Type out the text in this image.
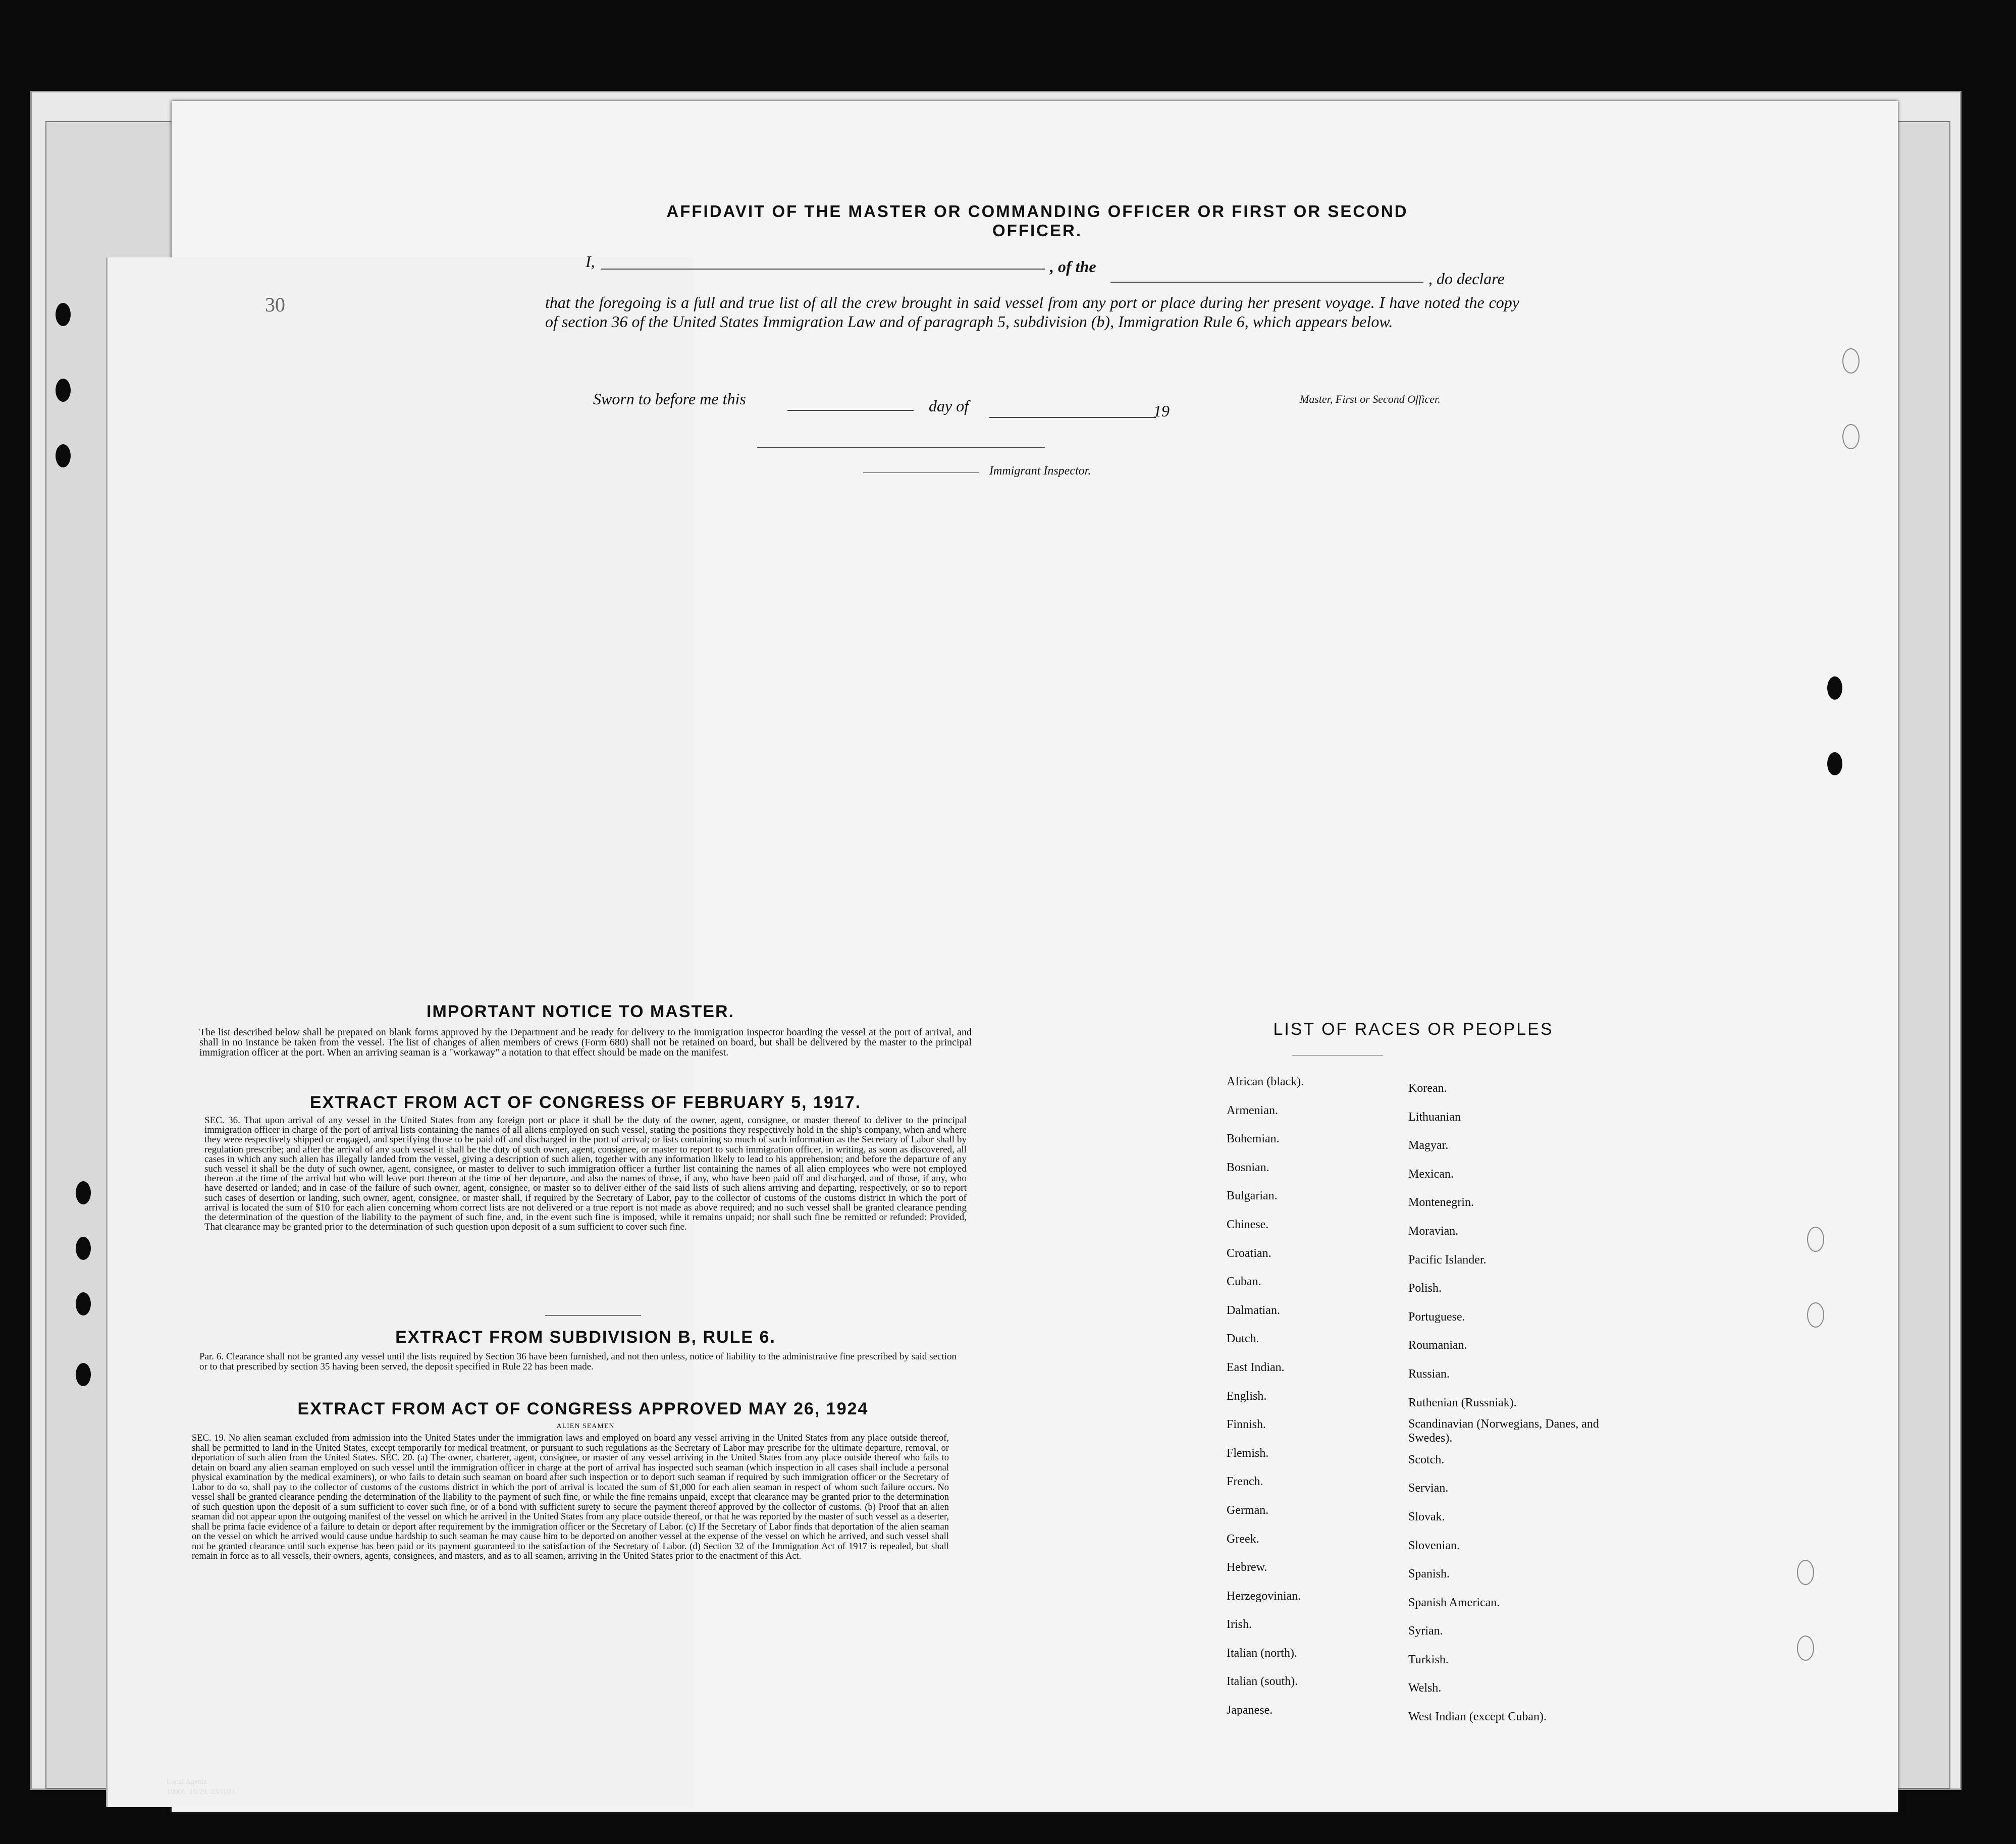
30
AFFIDAVIT OF THE MASTER OR COMMANDING OFFICER OR FIRST OR SECOND OFFICER.
I,	, of the
, do declare
that the foregoing is a full and true list of all the crew brought in said vessel from any port or place during her present voyage. I have noted the copy of section 36 of the United States Immigration Law and of paragraph 5, subdivision (b), Immigration Rule 6, which appears below.
Sworn to before me this	day of	19
Master, First or Second Officer.
Immigrant Inspector.
IMPORTANT NOTICE TO MASTER.
The list described below shall be prepared on blank forms approved by the Department and be ready for delivery to the immigration inspector boarding the vessel at the port of arrival, and shall in no instance be taken from the vessel. The list of changes of alien members of crews (Form 680) shall not be retained on board, but shall be delivered by the master to the principal immigration officer at the port. When an arriving seaman is a "workaway" a notation to that effect should be made on the manifest.
EXTRACT FROM ACT OF CONGRESS OF FEBRUARY 5, 1917.
SEC. 36. That upon arrival of any vessel in the United States from any foreign port or place it shall be the duty of the owner, agent, consignee, or master thereof to deliver to the principal immigration officer in charge of the port of arrival lists containing the names of all aliens employed on such vessel, stating the positions they respectively hold in the ship's company, when and where they were respectively shipped or engaged, and specifying those to be paid off and discharged in the port of arrival; or lists containing so much of such information as the Secretary of Labor shall by regulation prescribe; and after the arrival of any such vessel it shall be the duty of such owner, agent, consignee, or master to report to such immigration officer, in writing, as soon as discovered, all cases in which any such alien has illegally landed from the vessel, giving a description of such alien, together with any information likely to lead to his apprehension; and before the departure of any such vessel it shall be the duty of such owner, agent, consignee, or master to deliver to such immigration officer a further list containing the names of all alien employees who were not employed thereon at the time of the arrival but who will leave port thereon at the time of her departure, and also the names of those, if any, who have been paid off and discharged, and of those, if any, who have deserted or landed; and in case of the failure of such owner, agent, consignee, or master so to deliver either of the said lists of such aliens arriving and departing, respectively, or so to report such cases of desertion or landing, such owner, agent, consignee, or master shall, if required by the Secretary of Labor, pay to the collector of customs of the customs district in which the port of arrival is located the sum of $10 for each alien concerning whom correct lists are not delivered or a true report is not made as above required; and no such vessel shall be granted clearance pending the determination of the question of the liability to the payment of such fine, and, in the event such fine is imposed, while it remains unpaid; nor shall such fine be remitted or refunded: Provided, That clearance may be granted prior to the determination of such question upon deposit of a sum sufficient to cover such fine.
EXTRACT FROM SUBDIVISION B, RULE 6.
Par. 6. Clearance shall not be granted any vessel until the lists required by Section 36 have been furnished, and not then unless, notice of liability to the administrative fine prescribed by said section or to that prescribed by section 35 having been served, the deposit specified in Rule 22 has been made.
EXTRACT FROM ACT OF CONGRESS APPROVED MAY 26, 1924
ALIEN SEAMEN
SEC. 19. No alien seaman excluded from admission into the United States under the immigration laws and employed on board any vessel arriving in the United States from any place outside thereof, shall be permitted to land in the United States, except temporarily for medical treatment, or pursuant to such regulations as the Secretary of Labor may prescribe for the ultimate departure, removal, or deportation of such alien from the United States. SEC. 20. (a) The owner, charterer, agent, consignee, or master of any vessel arriving in the United States from any place outside thereof who fails to detain on board any alien seaman employed on such vessel until the immigration officer in charge at the port of arrival has inspected such seaman (which inspection in all cases shall include a personal physical examination by the medical examiners), or who fails to detain such seaman on board after such inspection or to deport such seaman if required by such immigration officer or the Secretary of Labor to do so, shall pay to the collector of customs of the customs district in which the port of arrival is located the sum of $1,000 for each alien seaman in respect of whom such failure occurs. No vessel shall be granted clearance pending the determination of the liability to the payment of such fine, or while the fine remains unpaid, except that clearance may be granted prior to the determination of such question upon the deposit of a sum sufficient to cover such fine, or of a bond with sufficient surety to secure the payment thereof approved by the collector of customs. (b) Proof that an alien seaman did not appear upon the outgoing manifest of the vessel on which he arrived in the United States from any place outside thereof, or that he was reported by the master of such vessel as a deserter, shall be prima facie evidence of a failure to detain or deport after requirement by the immigration officer or the Secretary of Labor. (c) If the Secretary of Labor finds that deportation of the alien seaman on the vessel on which he arrived would cause undue hardship to such seaman he may cause him to be deported on another vessel at the expense of the vessel on which he arrived, and such vessel shall not be granted clearance until such expense has been paid or its payment guaranteed to the satisfaction of the Secretary of Labor. (d) Section 32 of the Immigration Act of 1917 is repealed, but shall remain in force as to all vessels, their owners, agents, consignees, and masters, and as to all seamen, arriving in the United States prior to the enactment of this Act.
LIST OF RACES OR PEOPLES
African (black).
Armenian.
Bohemian.
Bosnian.
Bulgarian.
Chinese.
Croatian.
Cuban.
Dalmatian.
Dutch.
East Indian.
English.
Finnish.
Flemish.
French.
German.
Greek.
Hebrew.
Herzegovinian.
Irish.
Italian (north).
Italian (south).
Japanese.
Korean.
Lithuanian
Magyar.
Mexican.
Montenegrin.
Moravian.
Pacific Islander.
Polish.
Portuguese.
Roumanian.
Russian.
Ruthenian (Russniak).
Scandinavian (Norwegians, Danes, and Swedes).
Scotch.
Servian.
Slovak.
Slovenian.
Spanish.
Spanish American.
Syrian.
Turkish.
Welsh.
West Indian (except Cuban).
Local Agents
10000. 10/29. 23/1021.
